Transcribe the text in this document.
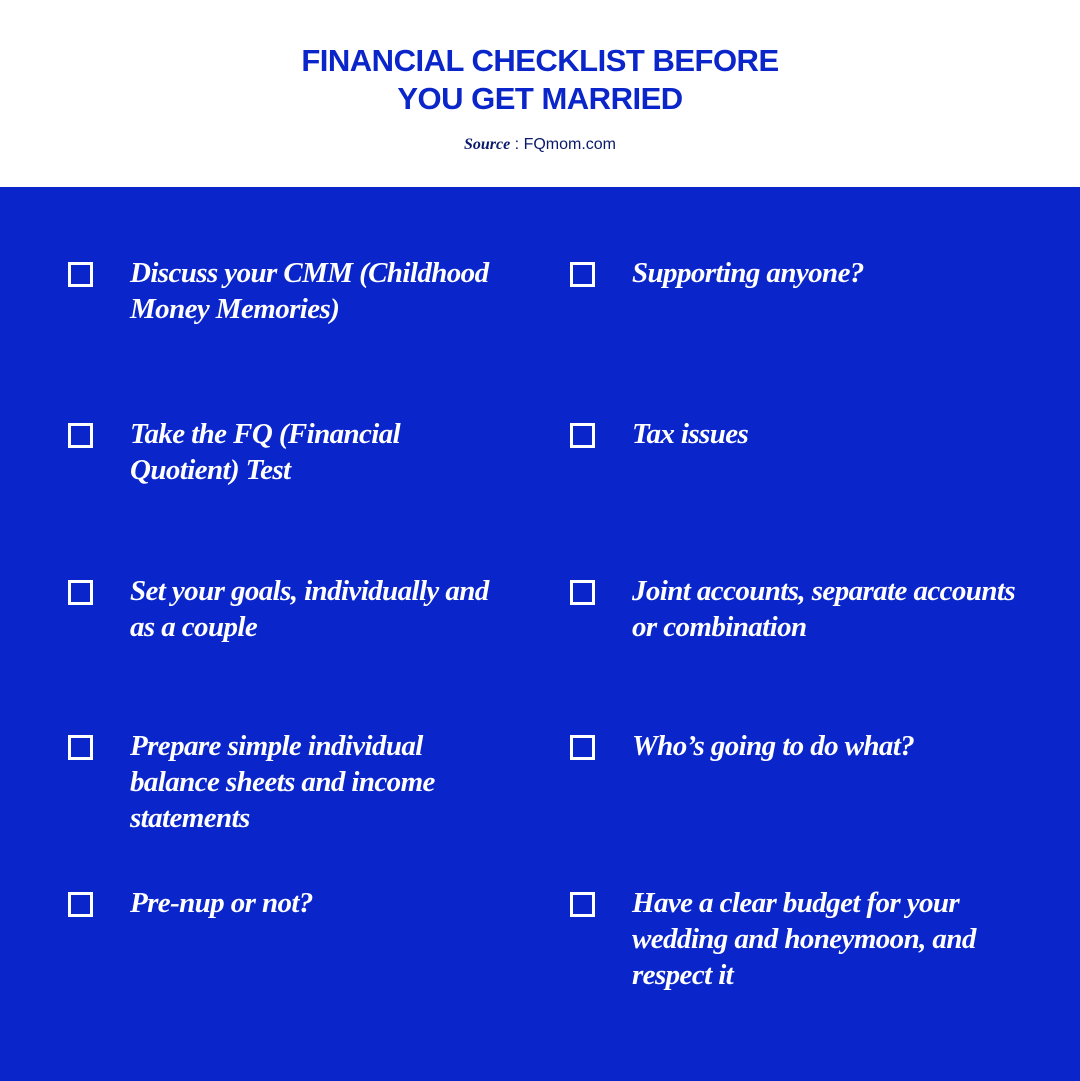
FINANCIAL CHECKLIST BEFORE
YOU GET MARRIED
Source : FQmom.com
Discuss your CMM (Childhood Money Memories)
Take the FQ (Financial Quotient) Test
Set your goals, individually and as a couple
Prepare simple individual balance sheets and income statements
Pre-nup or not?
Supporting anyone?
Tax issues
Joint accounts, separate accounts or combination
Who’s going to do what?
Have a clear budget for your wedding and honeymoon, and respect it
